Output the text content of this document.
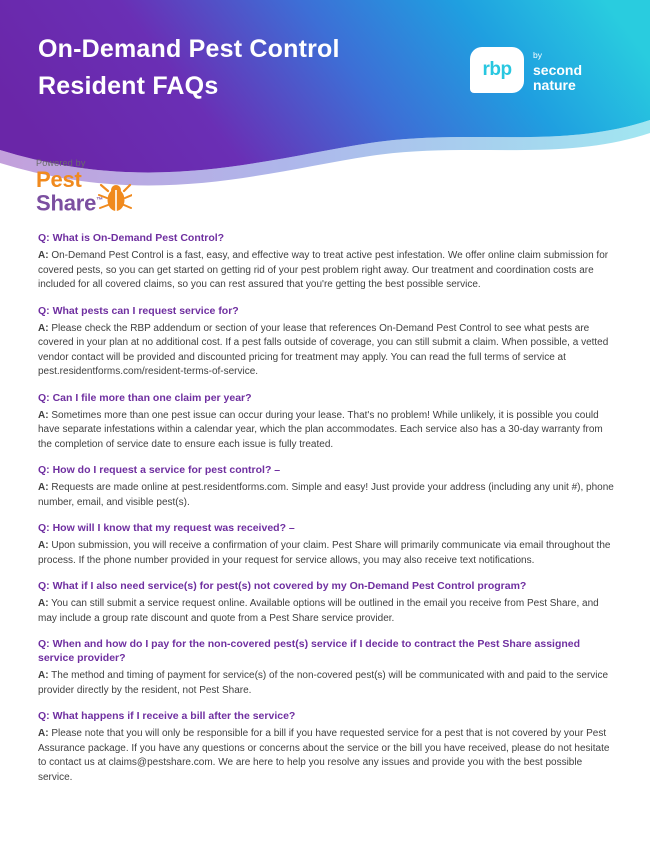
On-Demand Pest Control
Resident FAQs
rbp
by
second
nature
Powered by
Pest
Share™
Q: What is On-Demand Pest Control?
A: On-Demand Pest Control is a fast, easy, and effective way to treat active pest infestation. We offer online claim submission for covered pests, so you can get started on getting rid of your pest problem right away. Our treatment and coordination costs are included for all covered claims, so you can rest assured that you're getting the best possible service.
Q: What pests can I request service for?
A: Please check the RBP addendum or section of your lease that references On-Demand Pest Control to see what pests are covered in your plan at no additional cost. If a pest falls outside of coverage, you can still submit a claim. When possible, a vetted vendor contact will be provided and discounted pricing for treatment may apply. You can read the full terms of service at pest.residentforms.com/resident-terms-of-service.
Q: Can I file more than one claim per year?
A: Sometimes more than one pest issue can occur during your lease. That's no problem! While unlikely, it is possible you could have separate infestations within a calendar year, which the plan accommodates. Each service also has a 30-day warranty from the completion of service date to ensure each issue is fully treated.
Q: How do I request a service for pest control? –
A: Requests are made online at pest.residentforms.com. Simple and easy! Just provide your address (including any unit #), phone number, email, and visible pest(s).
Q: How will I know that my request was received? –
A: Upon submission, you will receive a confirmation of your claim. Pest Share will primarily communicate via email throughout the process. If the phone number provided in your request for service allows, you may also receive text notifications.
Q: What if I also need service(s) for pest(s) not covered by my On-Demand Pest Control program?
A: You can still submit a service request online. Available options will be outlined in the email you receive from Pest Share, and may include a group rate discount and quote from a Pest Share service provider.
Q: When and how do I pay for the non-covered pest(s) service if I decide to contract the Pest Share assigned service provider?
A: The method and timing of payment for service(s) of the non-covered pest(s) will be communicated with and paid to the service provider directly by the resident, not Pest Share.
Q: What happens if I receive a bill after the service?
A: Please note that you will only be responsible for a bill if you have requested service for a pest that is not covered by your Pest Assurance package. If you have any questions or concerns about the service or the bill you have received, please do not hesitate to contact us at claims@pestshare.com. We are here to help you resolve any issues and provide you with the best possible service.
